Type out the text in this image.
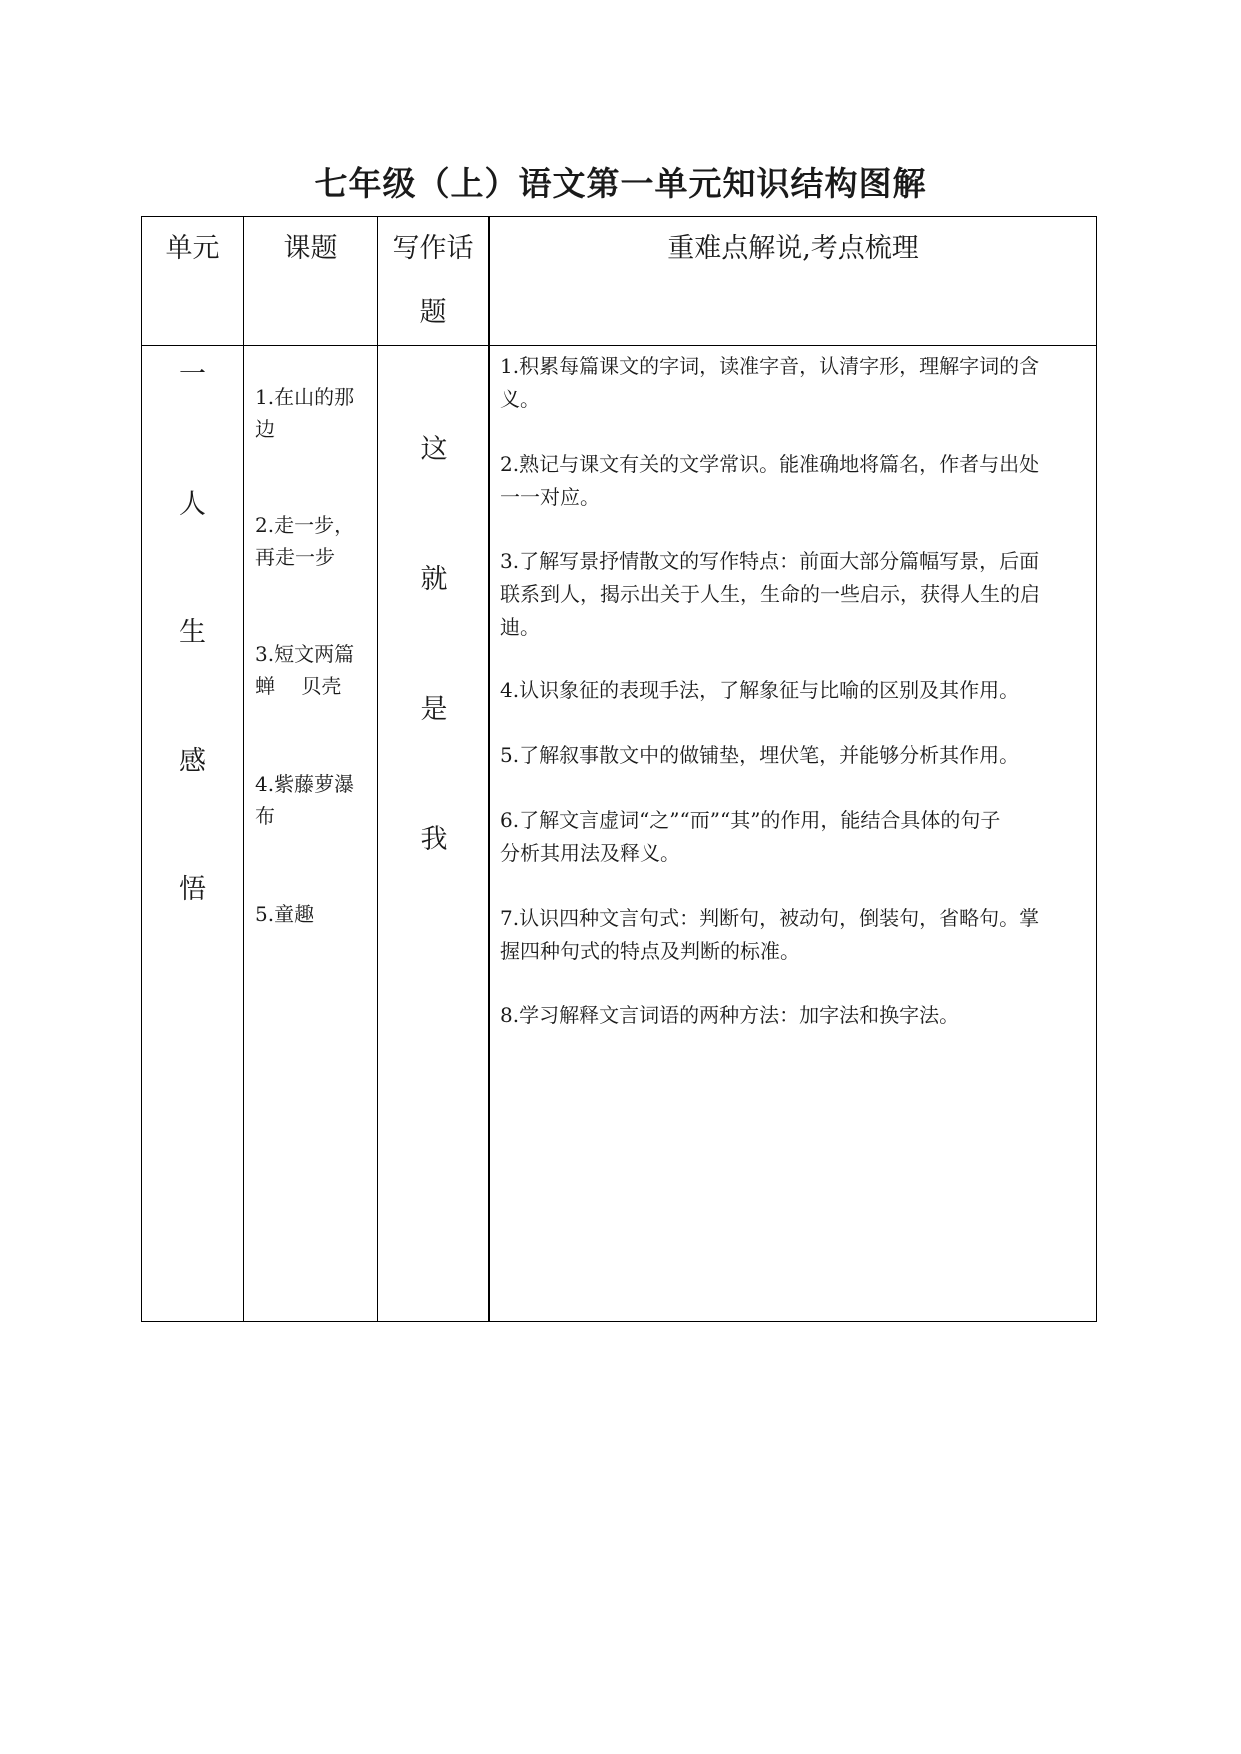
七年级（上）语文第一单元知识结构图解
单元	课题	写作话
题
重难点解说,考点梳理
一
人
生
感
悟
1.在山的那
边
2.走一步，
再走一步
3.短文两篇
蝉　 贝壳
4.紫藤萝瀑
布
5.童趣
这
就
是
我
1.积累每篇课文的字词，读准字音，认清字形，理解字词的含
义。
2.熟记与课文有关的文学常识。能准确地将篇名，作者与出处
一一对应。
3.了解写景抒情散文的写作特点：前面大部分篇幅写景，后面
联系到人，揭示出关于人生，生命的一些启示，获得人生的启
迪。
4.认识象征的表现手法，了解象征与比喻的区别及其作用。
5.了解叙事散文中的做铺垫，埋伏笔，并能够分析其作用。
6.了解文言虚词“之”“而”“其”的作用，能结合具体的句子
分析其用法及释义。
7.认识四种文言句式：判断句，被动句，倒装句，省略句。掌
握四种句式的特点及判断的标准。
8.学习解释文言词语的两种方法：加字法和换字法。
